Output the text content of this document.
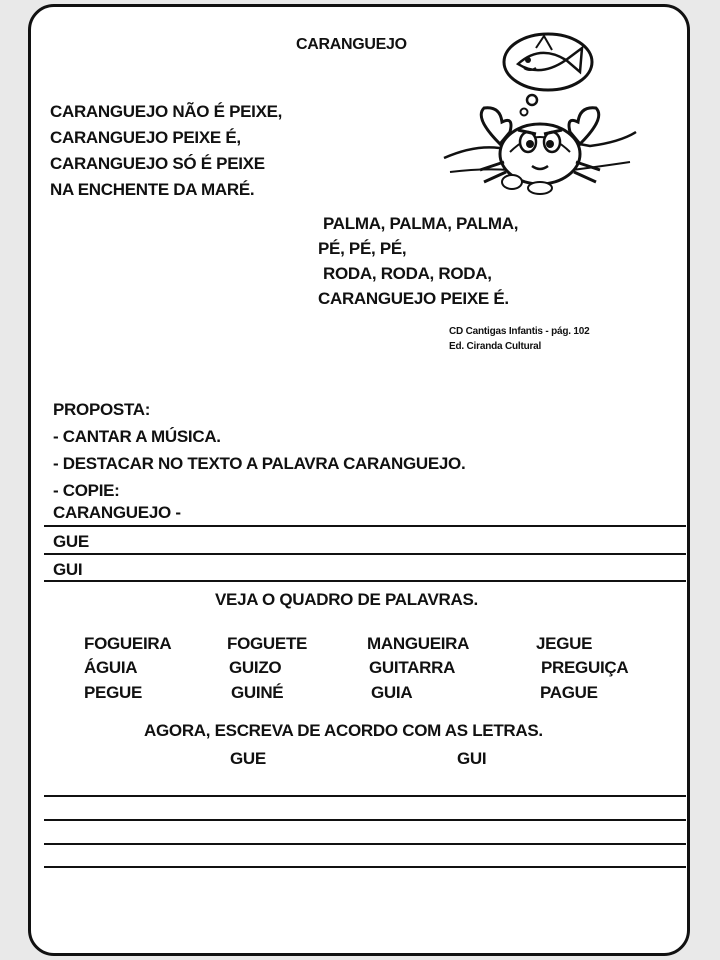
CARANGUEJO
CARANGUEJO NÃO É PEIXE,
CARANGUEJO PEIXE É,
CARANGUEJO SÓ É PEIXE
NA ENCHENTE DA MARÉ.
PALMA, PALMA, PALMA,
PÉ, PÉ, PÉ,
RODA, RODA, RODA,
CARANGUEJO PEIXE É.
CD Cantigas Infantis - pág. 102
Ed. Ciranda Cultural
PROPOSTA:
- CANTAR A MÚSICA.
- DESTACAR NO TEXTO A PALAVRA CARANGUEJO.
- COPIE:
CARANGUEJO -
GUE
GUI
VEJA O QUADRO DE PALAVRAS.
FOGUEIRA	FOGUETE	MANGUEIRA	JEGUE
ÁGUIA	GUIZO	GUITARRA	PREGUIÇA
PEGUE	GUINÉ	GUIA	PAGUE
AGORA, ESCREVA DE ACORDO COM AS LETRAS.
GUE	GUI
